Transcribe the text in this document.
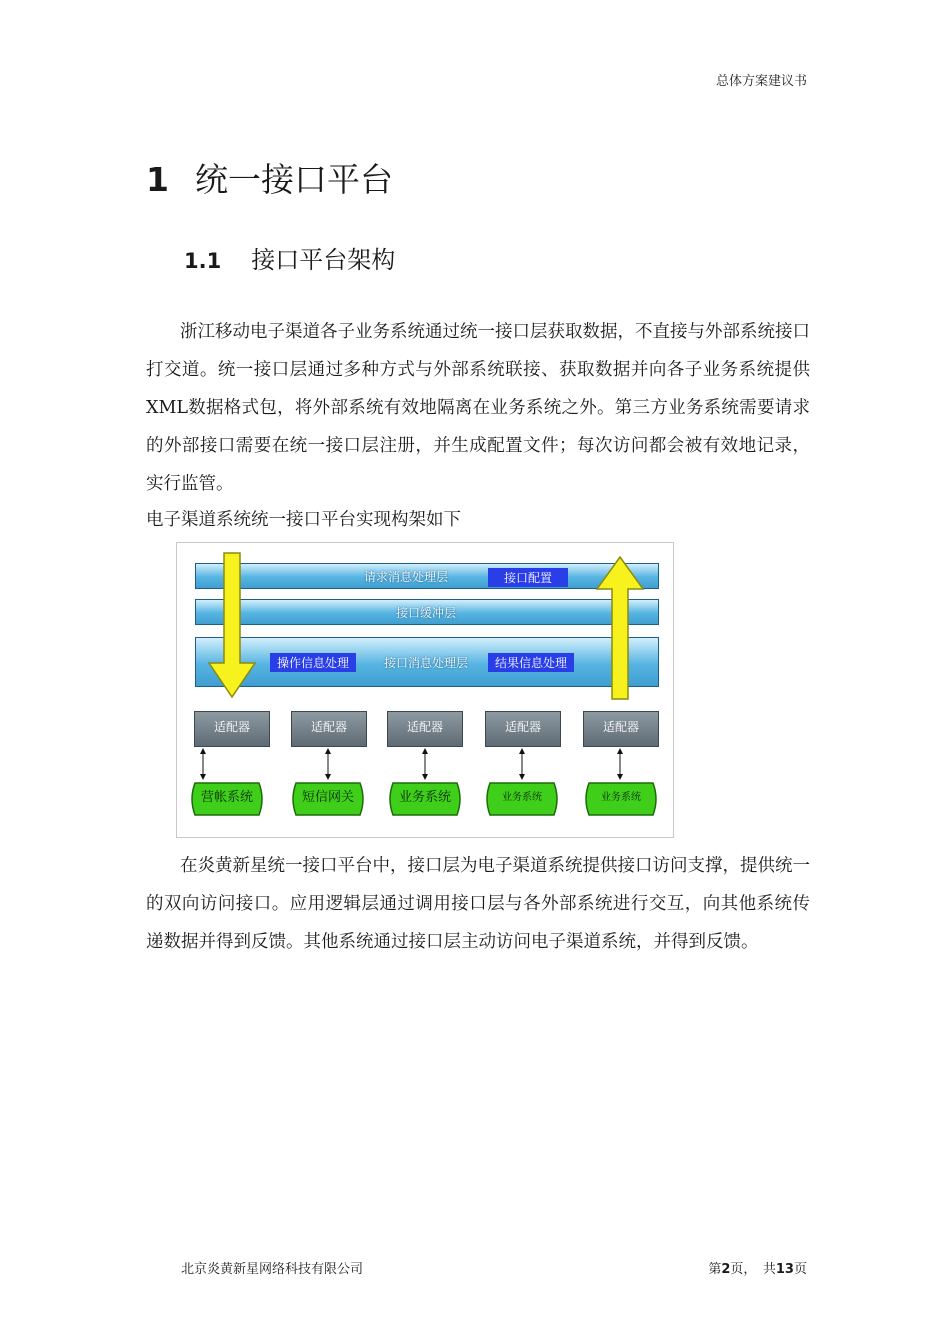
总体方案建议书
1 统一接口平台
1.1 接口平台架构

浙江移动电子渠道各子业务系统通过统一接口层获取数据，不直接与外部系统接口打交道。统一接口层通过多种方式与外部系统联接、获取数据并向各子业务系统提供XML数据格式包，将外部系统有效地隔离在业务系统之外。第三方业务系统需要请求的外部接口需要在统一接口层注册，并生成配置文件；每次访问都会被有效地记录，实行监管。

电子渠道系统统一接口平台实现构架如下
请求消息处理层	接口配置
接口缓冲层
操作信息处理	接口消息处理层	结果信息处理
适配器	适配器	适配器	适配器	适配器
营帐系统	短信网关	业务系统	业务系统	业务系统

在炎黄新星统一接口平台中，接口层为电子渠道系统提供接口访问支撑，提供统一的双向访问接口。应用逻辑层通过调用接口层与各外部系统进行交互，向其他系统传递数据并得到反馈。其他系统通过接口层主动访问电子渠道系统，并得到反馈。

北京炎黄新星网络科技有限公司	第2页，　共13页
